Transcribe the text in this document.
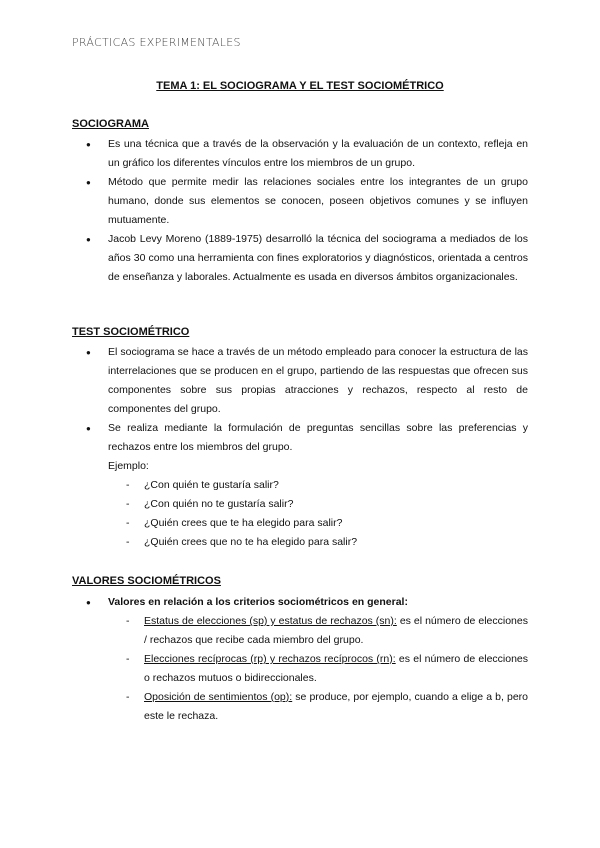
PRÁCTICAS EXPERIMENTALES
TEMA 1: EL SOCIOGRAMA Y EL TEST SOCIOMÉTRICO
SOCIOGRAMA
● Es una técnica que a través de la observación y la evaluación de un contexto, refleja en un gráfico los diferentes vínculos entre los miembros de un grupo.
● Método que permite medir las relaciones sociales entre los integrantes de un grupo humano, donde sus elementos se conocen, poseen objetivos comunes y se influyen mutuamente.
● Jacob Levy Moreno (1889-1975) desarrolló la técnica del sociograma a mediados de los años 30 como una herramienta con fines exploratorios y diagnósticos, orientada a centros de enseñanza y laborales. Actualmente es usada en diversos ámbitos organizacionales.
TEST SOCIOMÉTRICO
● El sociograma se hace a través de un método empleado para conocer la estructura de las interrelaciones que se producen en el grupo, partiendo de las respuestas que ofrecen sus componentes sobre sus propias atracciones y rechazos, respecto al resto de componentes del grupo.
● Se realiza mediante la formulación de preguntas sencillas sobre las preferencias y rechazos entre los miembros del grupo.
Ejemplo:
- ¿Con quién te gustaría salir?
- ¿Con quién no te gustaría salir?
- ¿Quién crees que te ha elegido para salir?
- ¿Quién crees que no te ha elegido para salir?
VALORES SOCIOMÉTRICOS
● Valores en relación a los criterios sociométricos en general:
- Estatus de elecciones (sp) y estatus de rechazos (sn): es el número de elecciones / rechazos que recibe cada miembro del grupo.
- Elecciones recíprocas (rp) y rechazos recíprocos (rn): es el número de elecciones o rechazos mutuos o bidireccionales.
- Oposición de sentimientos (op): se produce, por ejemplo, cuando a elige a b, pero este le rechaza.
